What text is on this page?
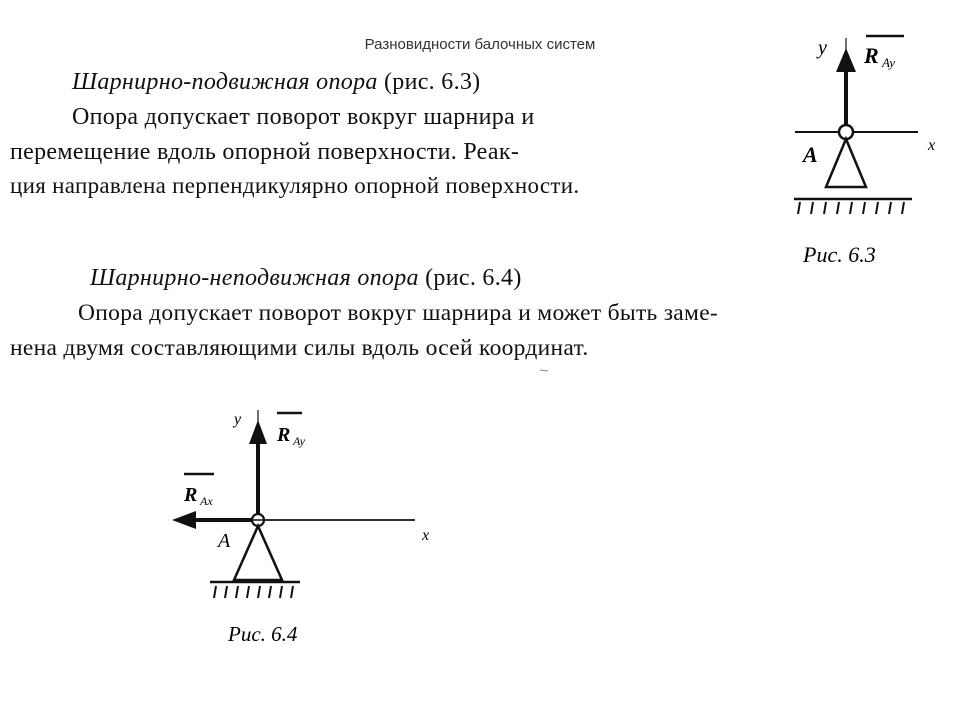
Разновидности балочных систем
Шарнирно-подвижная опора (рис. 6.3)
Опора допускает поворот вокруг шарнира и
перемещение вдоль опорной поверхности. Реак-
ция направлена перпендикулярно опорной поверхности.
Шарнирно-неподвижная опора (рис. 6.4)
Опора допускает поворот вокруг шарнира и может быть заме-
нена двумя составляющими силы вдоль осей координат.
y R Ay
A	x
Рис. 6.3
y
R Ay
R Ax
A	x
Рис. 6.4
